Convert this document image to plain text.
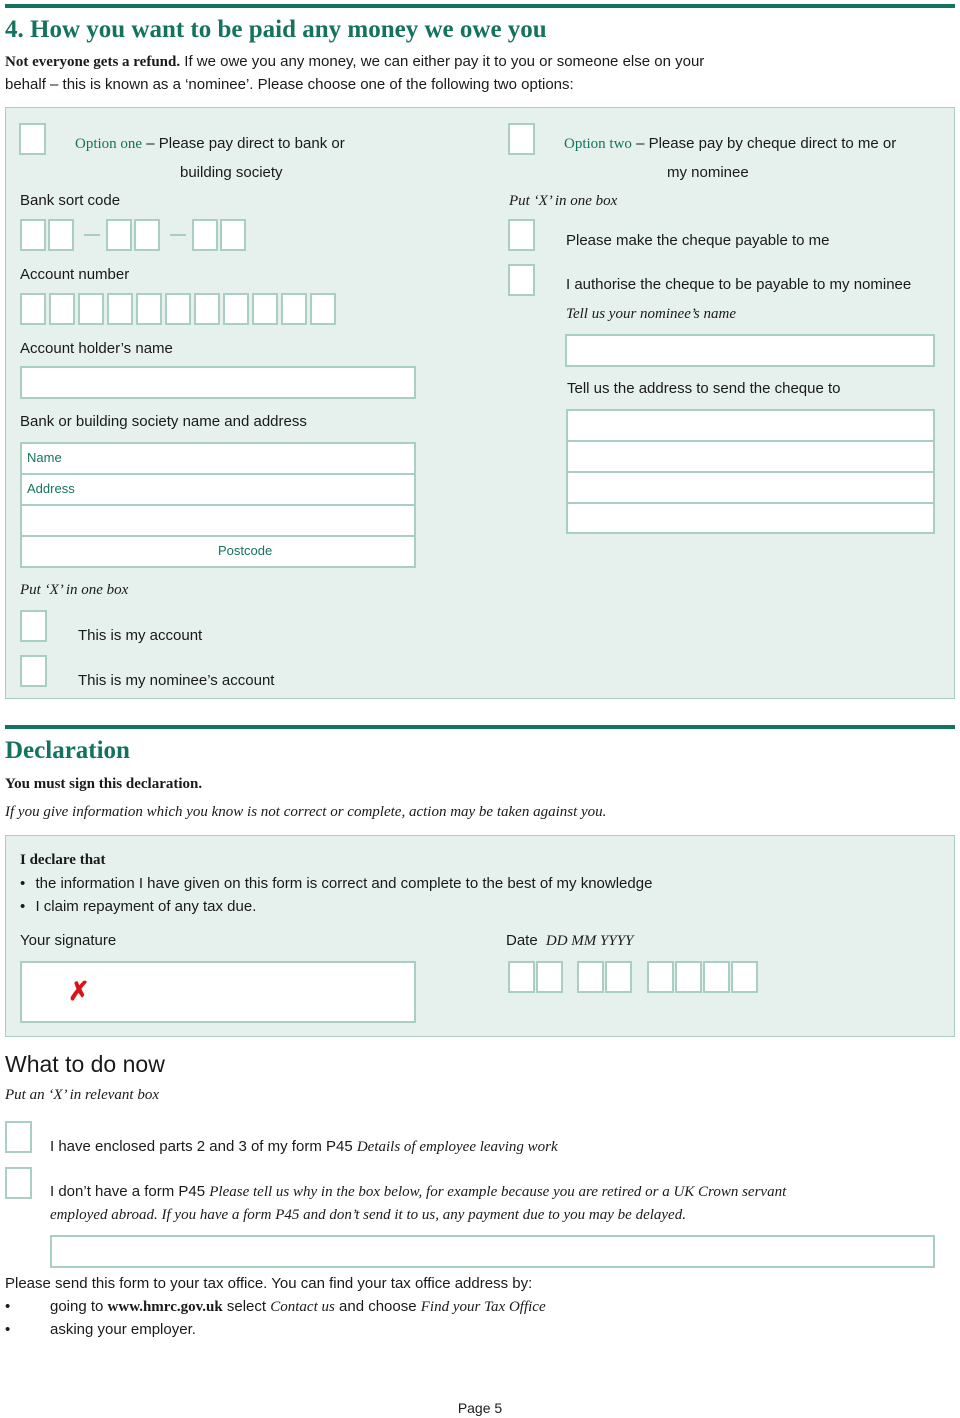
4. How you want to be paid any money we owe you
Not everyone gets a refund. If we owe you any money, we can either pay it to you or someone else on your
behalf – this is known as a ‘nominee’. Please choose one of the following two options:
Option one – Please pay direct to bank or
building society
Bank sort code
Account number
Account holder’s name
Bank or building society name and address
Name
Address
Postcode
Put ‘X’ in one box
This is my account
This is my nominee’s account
Option two – Please pay by cheque direct to me or
my nominee
Put ‘X’ in one box
Please make the cheque payable to me
I authorise the cheque to be payable to my nominee
Tell us your nominee’s name
Tell us the address to send the cheque to
Declaration
You must sign this declaration.
If you give information which you know is not correct or complete, action may be taken against you.
I declare that
• the information I have given on this form is correct and complete to the best of my knowledge
• I claim repayment of any tax due.
Your signature
✗
Date DD MM YYYY
What to do now
Put an ‘X’ in relevant box
I have enclosed parts 2 and 3 of my form P45 Details of employee leaving work
I don’t have a form P45 Please tell us why in the box below, for example because you are retired or a UK Crown servant
employed abroad. If you have a form P45 and don’t send it to us, any payment due to you may be delayed.
Please send this form to your tax office. You can find your tax office address by:
•	going to www.hmrc.gov.uk select Contact us and choose Find your Tax Office
•	asking your employer.
Page 5
